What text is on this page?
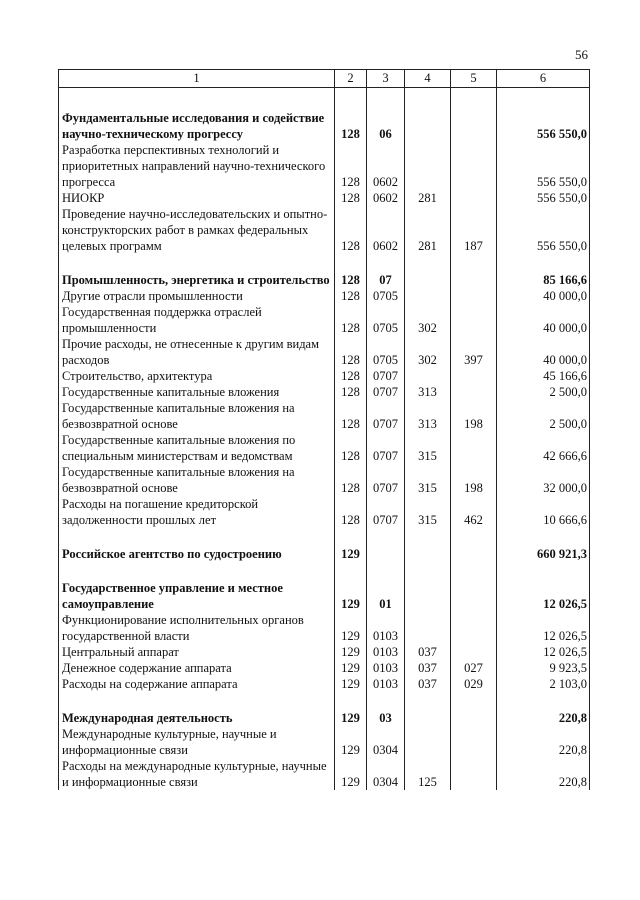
56
1	2	3	4	5	6

Фундаментальные исследования и содействие научно-техническому прогрессу	128	06			556 550,0
Разработка перспективных технологий и приоритетных направлений научно-технического прогресса	128	0602			556 550,0
НИОКР	128	0602	281		556 550,0
Проведение научно-исследовательских и опытно-конструкторских работ в рамках федеральных целевых программ	128	0602	281	187	556 550,0

Промышленность, энергетика и строительство	128	07			85 166,6
Другие отрасли промышленности	128	0705			40 000,0
Государственная поддержка отраслей промышленности	128	0705	302		40 000,0
Прочие расходы, не отнесенные к другим видам расходов	128	0705	302	397	40 000,0
Строительство, архитектура	128	0707			45 166,6
Государственные капитальные вложения	128	0707	313		2 500,0
Государственные капитальные вложения на безвозвратной основе	128	0707	313	198	2 500,0
Государственные капитальные вложения по специальным министерствам и ведомствам	128	0707	315		42 666,6
Государственные капитальные вложения на безвозвратной основе	128	0707	315	198	32 000,0
Расходы на погашение кредиторской задолженности прошлых лет	128	0707	315	462	10 666,6

Российское агентство по судостроению	129				660 921,3

Государственное управление и местное самоуправление	129	01			12 026,5
Функционирование исполнительных органов государственной власти	129	0103			12 026,5
Центральный аппарат	129	0103	037		12 026,5
Денежное содержание аппарата	129	0103	037	027	9 923,5
Расходы на содержание аппарата	129	0103	037	029	2 103,0

Международная деятельность	129	03			220,8
Международные культурные, научные и информационные связи	129	0304			220,8
Расходы на международные культурные, научные и информационные связи	129	0304	125		220,8
